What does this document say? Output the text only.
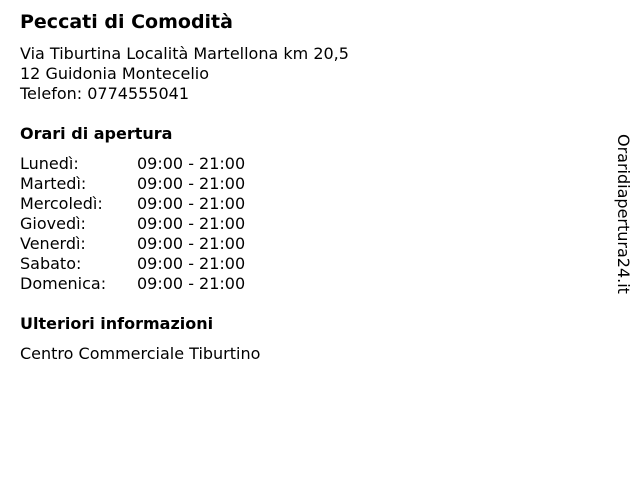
Peccati di Comodità
Via Tiburtina Località Martellona km 20,5
12 Guidonia Montecelio
Telefon: 0774555041
Orari di apertura
Lunedì:	09:00 - 21:00
Martedì:	09:00 - 21:00
Mercoledì: 09:00 - 21:00
Giovedì:	09:00 - 21:00
Venerdì:	09:00 - 21:00
Sabato:	09:00 - 21:00
Domenica: 09:00 - 21:00
Ulteriori informazioni
Centro Commerciale Tiburtino
Oraridiapertura24.it
